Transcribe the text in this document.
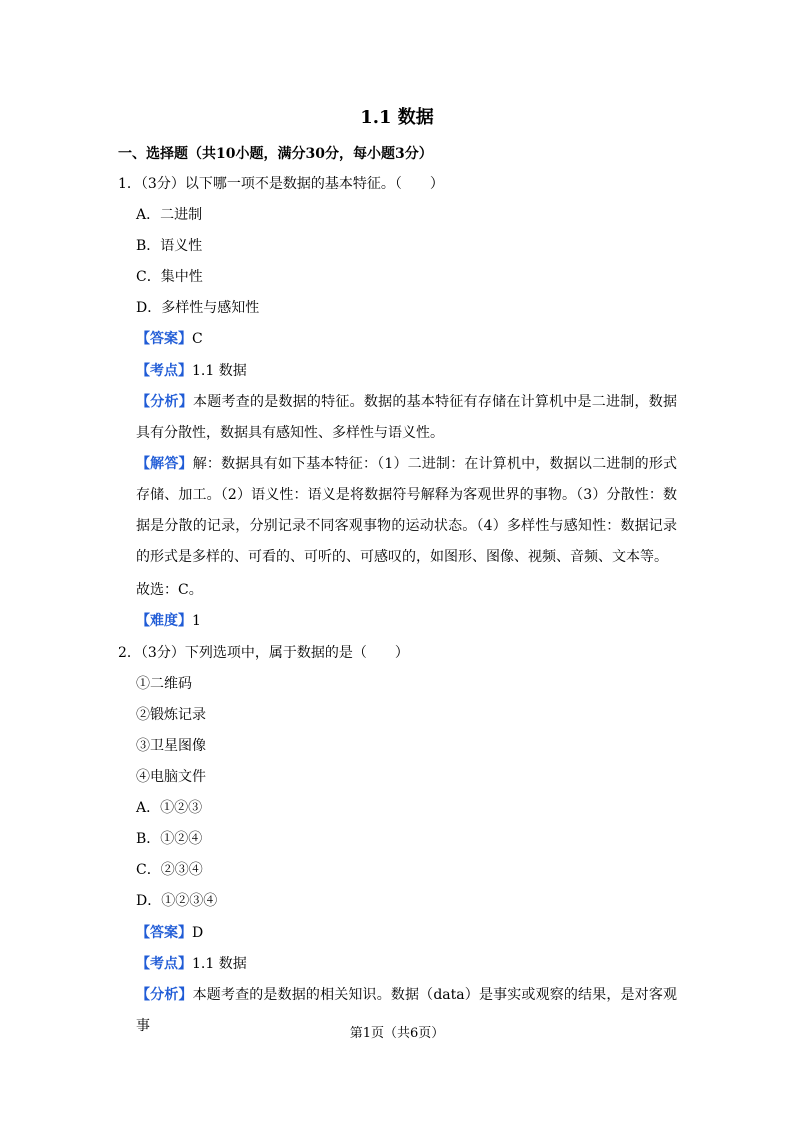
1.1 数据
一、选择题（共10小题，满分30分，每小题3分）
1．（3分）以下哪一项不是数据的基本特征。（　　）
A．二进制
B．语义性
C．集中性
D．多样性与感知性
【答案】C
【考点】1.1 数据
【分析】本题考查的是数据的特征。数据的基本特征有存储在计算机中是二进制，数据具有分散性，数据具有感知性、多样性与语义性。
【解答】解：数据具有如下基本特征：（1）二进制：在计算机中，数据以二进制的形式存储、加工。（2）语义性：语义是将数据符号解释为客观世界的事物。（3）分散性：数据是分散的记录，分别记录不同客观事物的运动状态。（4）多样性与感知性：数据记录的形式是多样的、可看的、可听的、可感叹的，如图形、图像、视频、音频、文本等。
故选：C。
【难度】1
2．（3分）下列选项中，属于数据的是（　　）
①二维码
②锻炼记录
③卫星图像
④电脑文件
A．①②③
B．①②④
C．②③④
D．①②③④
【答案】D
【考点】1.1 数据
【分析】本题考查的是数据的相关知识。数据（data）是事实或观察的结果，是对客观事	第1页（共6页）
